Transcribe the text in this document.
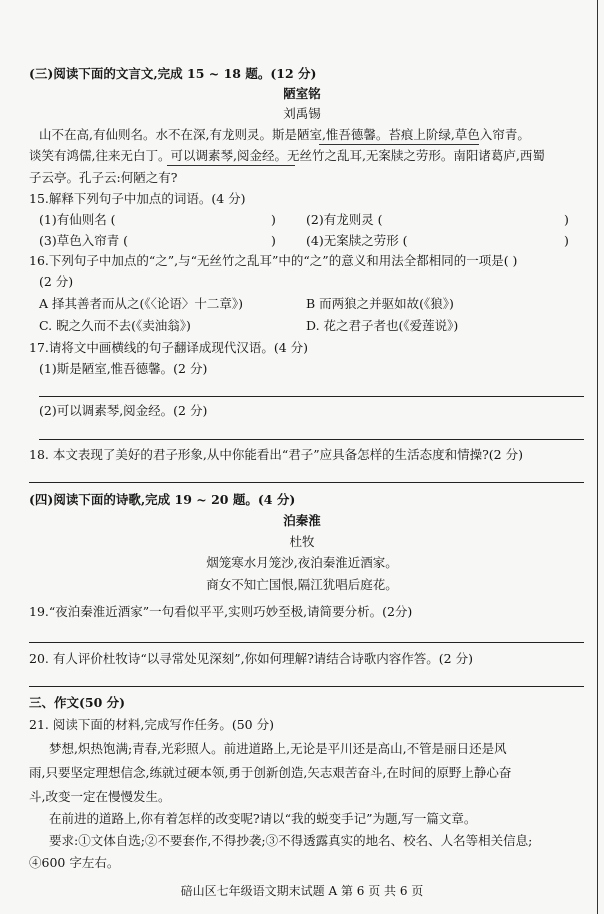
(三)阅读下面的文言文,完成 15 ~ 18 题。(12 分)
陋室铭
刘禹锡
山不在高,有仙则名。水不在深,有龙则灵。斯是陋室,惟吾德馨。苔痕上阶绿,草色入帘青。
谈笑有鸿儒,往来无白丁。可以调素琴,阅金经。无丝竹之乱耳,无案牍之劳形。南阳诸葛庐,西蜀
子云亭。孔子云:何陋之有?
15.解释下列句子中加点的词语。(4 分)
(1)有仙则名 (	) (2)有龙则灵 (	)
(3)草色入帘青 (	) (4)无案牍之劳形 (	)
16.下列句子中加点的“之”,与“无丝竹之乱耳”中的“之”的意义和用法全都相同的一项是( )
(2 分)
A 择其善者而从之(《〈论语〉十二章》)	B 而两狼之并驱如故(《狼》)
C. 睨之久而不去(《卖油翁》)	D. 花之君子者也(《爱莲说》)
17.请将文中画横线的句子翻译成现代汉语。(4 分)
(1)斯是陋室,惟吾德馨。(2 分)
(2)可以调素琴,阅金经。(2 分)
18. 本文表现了美好的君子形象,从中你能看出“君子”应具备怎样的生活态度和情操?(2 分)
(四)阅读下面的诗歌,完成 19 ~ 20 题。(4 分)
泊秦淮
杜牧
烟笼寒水月笼沙,夜泊秦淮近酒家。
商女不知亡国恨,隔江犹唱后庭花。
19.“夜泊秦淮近酒家”一句看似平平,实则巧妙至极,请简要分析。(2分)
20. 有人评价杜牧诗“以寻常处见深刻”,你如何理解?请结合诗歌内容作答。(2 分)
三、作文(50 分)
21. 阅读下面的材料,完成写作任务。(50 分)
梦想,炽热饱满;青春,光彩照人。前进道路上,无论是平川还是高山,不管是丽日还是风
雨,只要坚定理想信念,练就过硬本领,勇于创新创造,矢志艰苦奋斗,在时间的原野上静心奋
斗,改变一定在慢慢发生。
在前进的道路上,你有着怎样的改变呢?请以“我的蜕变手记”为题,写一篇文章。
要求:①文体自选;②不要套作,不得抄袭;③不得透露真实的地名、校名、人名等相关信息;
④600 字左右。
碚山区七年级语文期末试题 A 第 6 页 共 6 页
